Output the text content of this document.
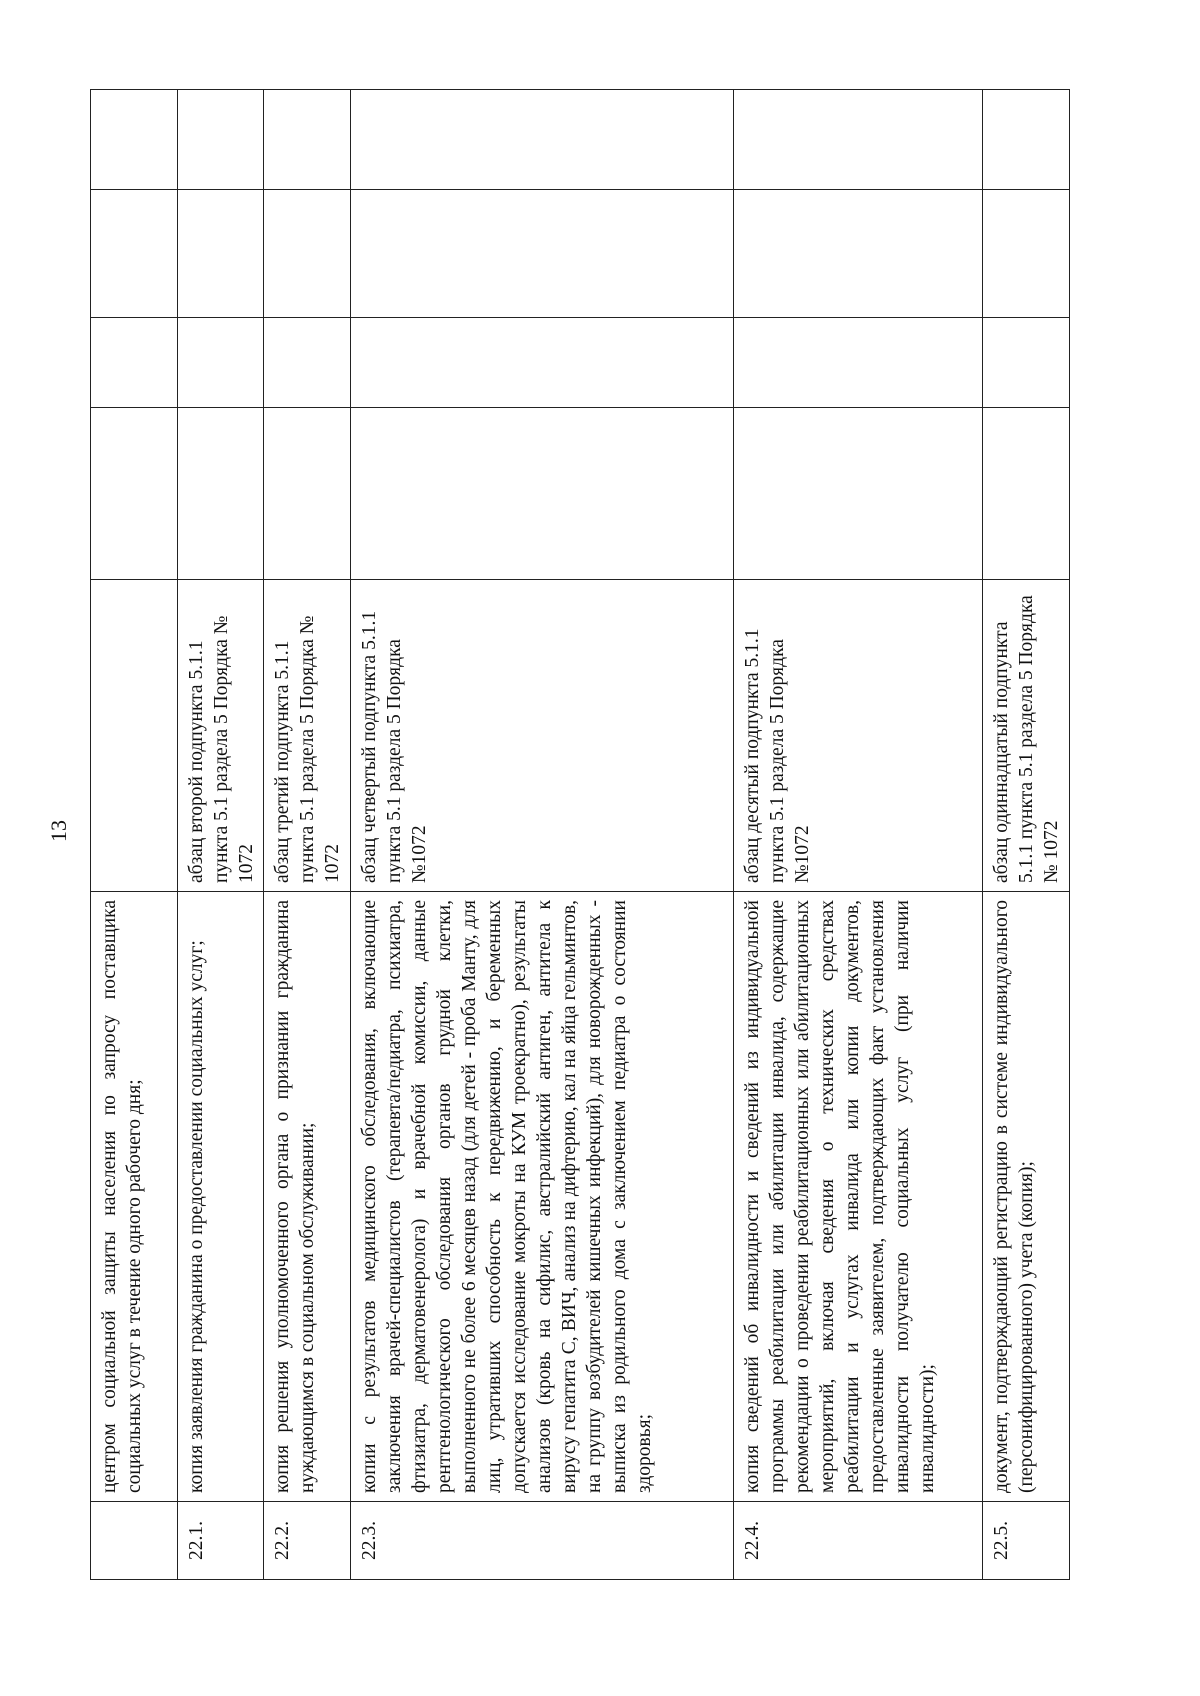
13
	центром социальной защиты населения по запросу поставщика социальных услуг в течение одного рабочего дня;					
22.1.	копия заявления гражданина о предоставлении социальных услуг;	абзац второй подпункта 5.1.1 пункта 5.1 раздела 5 Порядка № 1072				
22.2.	копия решения уполномоченного органа о признании гражданина нуждающимся в социальном обслуживании;	абзац третий подпункта 5.1.1 пункта 5.1 раздела 5 Порядка № 1072				
22.3.	копии с результатов медицинского обследования, включающие заключения врачей-специалистов (терапевта/педиатра, психиатра, фтизиатра, дерматовенеролога) и врачебной комиссии, данные рентгенологического обследования органов грудной клетки, выполненного не более 6 месяцев назад (для детей - проба Манту, для лиц, утративших способность к передвижению, и беременных допускается исследование мокроты на КУМ троекратно), результаты анализов (кровь на сифилис, австралийский антиген, антитела к вирусу гепатита С, ВИЧ, анализ на дифтерию, кал на яйца гельминтов, на группу возбудителей кишечных инфекций), для новорожденных - выписка из родильного дома с заключением педиатра о состоянии здоровья;	абзац четвертый подпункта 5.1.1 пункта 5.1 раздела 5 Порядка №1072				
22.4.	копия сведений об инвалидности и сведений из индивидуальной программы реабилитации или абилитации инвалида, содержащие рекомендации о проведении реабилитационных или абилитационных мероприятий, включая сведения о технических средствах реабилитации и услугах инвалида или копии документов, предоставленные заявителем, подтверждающих факт установления инвалидности получателю социальных услуг (при наличии инвалидности);	абзац десятый подпункта 5.1.1 пункта 5.1 раздела 5 Порядка №1072				
22.5.	документ, подтверждающий регистрацию в системе индивидуального (персонифицированного) учета (копия);	абзац одиннадцатый подпункта 5.1.1 пункта 5.1 раздела 5 Порядка № 1072				
